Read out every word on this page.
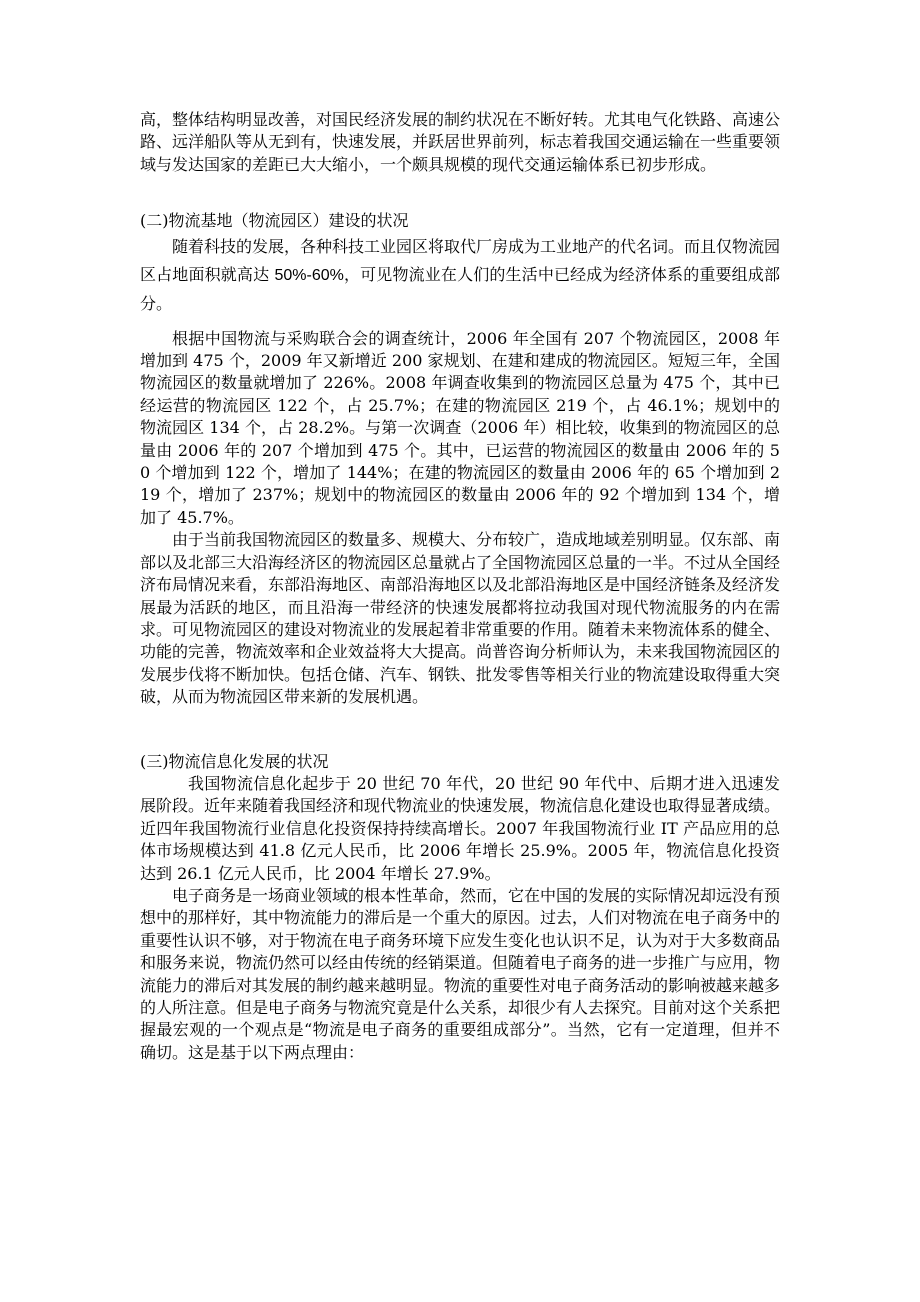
高，整体结构明显改善，对国民经济发展的制约状况在不断好转。尤其电气化铁路、高速公路、远洋船队等从无到有，快速发展，并跃居世界前列，标志着我国交通运输在一些重要领域与发达国家的差距已大大缩小，一个颇具规模的现代交通运输体系已初步形成。

(二)物流基地（物流园区）建设的状况

随着科技的发展，各种科技工业园区将取代厂房成为工业地产的代名词。而且仅物流园区占地面积就高达 50%-60%，可见物流业在人们的生活中已经成为经济体系的重要组成部分。

根据中国物流与采购联合会的调查统计，2006 年全国有 207 个物流园区，2008 年增加到 475 个，2009 年又新增近 200 家规划、在建和建成的物流园区。短短三年，全国物流园区的数量就增加了 226%。2008 年调查收集到的物流园区总量为 475 个，其中已经运营的物流园区 122 个，占 25.7%；在建的物流园区 219 个，占 46.1%；规划中的物流园区 134 个，占 28.2%。与第一次调查（2006 年）相比较，收集到的物流园区的总量由 2006 年的 207 个增加到 475 个。其中，已运营的物流园区的数量由 2006 年的 50 个增加到 122 个，增加了 144%；在建的物流园区的数量由 2006 年的 65 个增加到 219 个，增加了 237%；规划中的物流园区的数量由 2006 年的 92 个增加到 134 个，增加了 45.7%。

由于当前我国物流园区的数量多、规模大、分布较广，造成地域差别明显。仅东部、南部以及北部三大沿海经济区的物流园区总量就占了全国物流园区总量的一半。不过从全国经济布局情况来看，东部沿海地区、南部沿海地区以及北部沿海地区是中国经济链条及经济发展最为活跃的地区，而且沿海一带经济的快速发展都将拉动我国对现代物流服务的内在需求。可见物流园区的建设对物流业的发展起着非常重要的作用。随着未来物流体系的健全、功能的完善，物流效率和企业效益将大大提高。尚普咨询分析师认为，未来我国物流园区的发展步伐将不断加快。包括仓储、汽车、钢铁、批发零售等相关行业的物流建设取得重大突破，从而为物流园区带来新的发展机遇。

(三)物流信息化发展的状况

我国物流信息化起步于 20 世纪 70 年代，20 世纪 90 年代中、后期才进入迅速发展阶段。近年来随着我国经济和现代物流业的快速发展，物流信息化建设也取得显著成绩。近四年我国物流行业信息化投资保持持续高增长。2007 年我国物流行业 IT 产品应用的总体市场规模达到 41.8 亿元人民币，比 2006 年增长 25.9%。2005 年，物流信息化投资达到 26.1 亿元人民币，比 2004 年增长 27.9%。

电子商务是一场商业领域的根本性革命，然而，它在中国的发展的实际情况却远没有预想中的那样好，其中物流能力的滞后是一个重大的原因。过去，人们对物流在电子商务中的重要性认识不够，对于物流在电子商务环境下应发生变化也认识不足，认为对于大多数商品和服务来说，物流仍然可以经由传统的经销渠道。但随着电子商务的进一步推广与应用，物流能力的滞后对其发展的制约越来越明显。物流的重要性对电子商务活动的影响被越来越多的人所注意。但是电子商务与物流究竟是什么关系，却很少有人去探究。目前对这个关系把握最宏观的一个观点是“物流是电子商务的重要组成部分”。当然，它有一定道理，但并不确切。这是基于以下两点理由：
